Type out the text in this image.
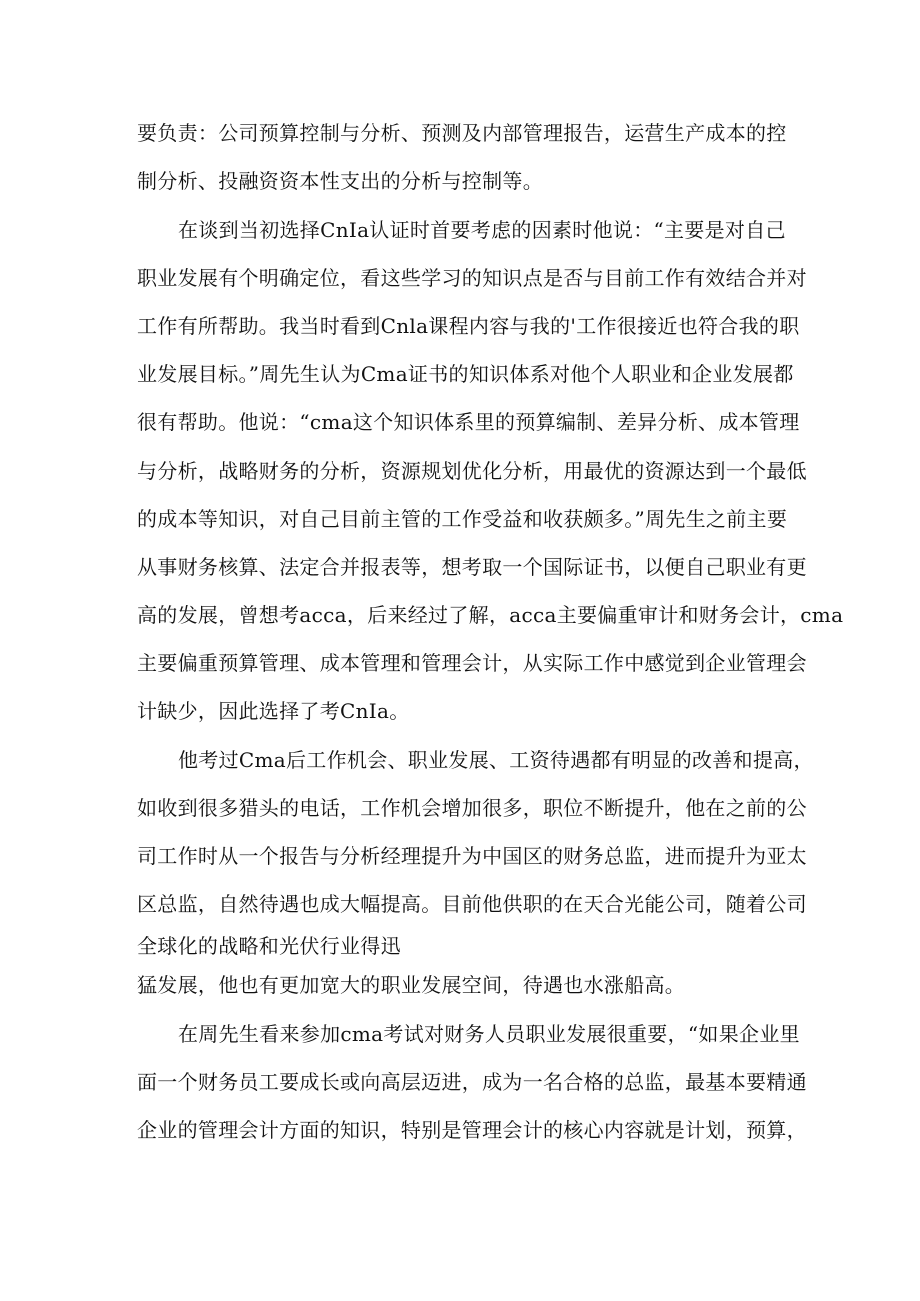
要负责：公司预算控制与分析、预测及内部管理报告，运营生产成本的控
制分析、投融资资本性支出的分析与控制等。
在谈到当初选择CnIa认证时首要考虑的因素时他说：“主要是对自己
职业发展有个明确定位，看这些学习的知识点是否与目前工作有效结合并对
工作有所帮助。我当时看到Cnla课程内容与我的'工作很接近也符合我的职
业发展目标。”周先生认为Cma证书的知识体系对他个人职业和企业发展都
很有帮助。他说：“cma这个知识体系里的预算编制、差异分析、成本管理
与分析，战略财务的分析，资源规划优化分析，用最优的资源达到一个最低
的成本等知识，对自己目前主管的工作受益和收获颇多。”周先生之前主要
从事财务核算、法定合并报表等，想考取一个国际证书，以便自己职业有更
高的发展，曾想考acca，后来经过了解，acca主要偏重审计和财务会计，cma
主要偏重预算管理、成本管理和管理会计，从实际工作中感觉到企业管理会
计缺少，因此选择了考CnIa。
他考过Cma后工作机会、职业发展、工资待遇都有明显的改善和提高，
如收到很多猎头的电话，工作机会增加很多，职位不断提升，他在之前的公
司工作时从一个报告与分析经理提升为中国区的财务总监，进而提升为亚太
区总监，自然待遇也成大幅提高。目前他供职的在天合光能公司，随着公司
全球化的战略和光伏行业得迅
猛发展，他也有更加宽大的职业发展空间，待遇也水涨船高。
在周先生看来参加cma考试对财务人员职业发展很重要，“如果企业里
面一个财务员工要成长或向高层迈进，成为一名合格的总监，最基本要精通
企业的管理会计方面的知识，特别是管理会计的核心内容就是计划，预算，
